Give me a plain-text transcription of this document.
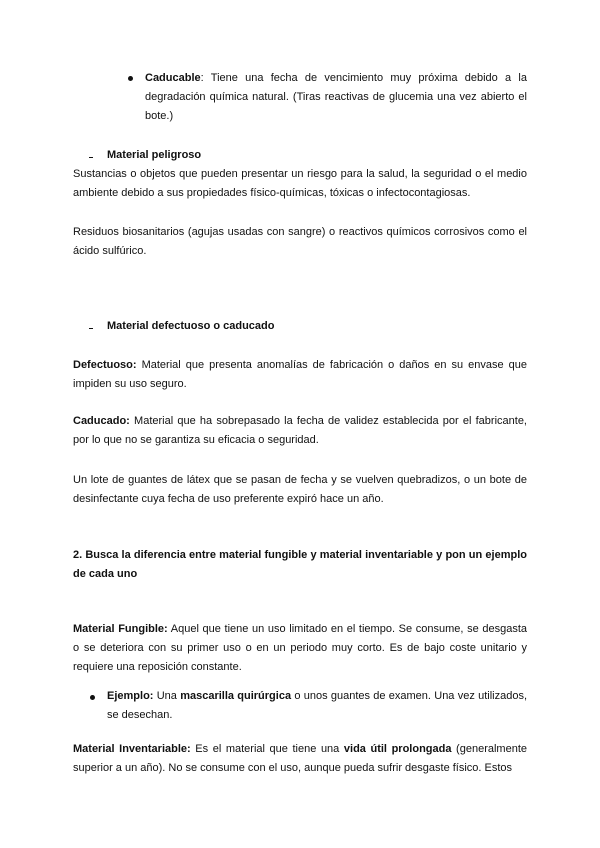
Caducable: Tiene una fecha de vencimiento muy próxima debido a la degradación química natural. (Tiras reactivas de glucemia una vez abierto el bote.)
Material peligroso
Sustancias o objetos que pueden presentar un riesgo para la salud, la seguridad o el medio ambiente debido a sus propiedades físico-químicas, tóxicas o infectocontagiosas.
Residuos biosanitarios (agujas usadas con sangre) o reactivos químicos corrosivos como el ácido sulfúrico.
Material defectuoso o caducado
Defectuoso: Material que presenta anomalías de fabricación o daños en su envase que impiden su uso seguro.
Caducado: Material que ha sobrepasado la fecha de validez establecida por el fabricante, por lo que no se garantiza su eficacia o seguridad.
Un lote de guantes de látex que se pasan de fecha y se vuelven quebradizos, o un bote de desinfectante cuya fecha de uso preferente expiró hace un año.
2. Busca la diferencia entre material fungible y material inventariable y pon un ejemplo de cada uno
Material Fungible: Aquel que tiene un uso limitado en el tiempo. Se consume, se desgasta o se deteriora con su primer uso o en un periodo muy corto. Es de bajo coste unitario y requiere una reposición constante.
Ejemplo: Una mascarilla quirúrgica o unos guantes de examen. Una vez utilizados, se desechan.
Material Inventariable: Es el material que tiene una vida útil prolongada (generalmente superior a un año). No se consume con el uso, aunque pueda sufrir desgaste físico. Estos
